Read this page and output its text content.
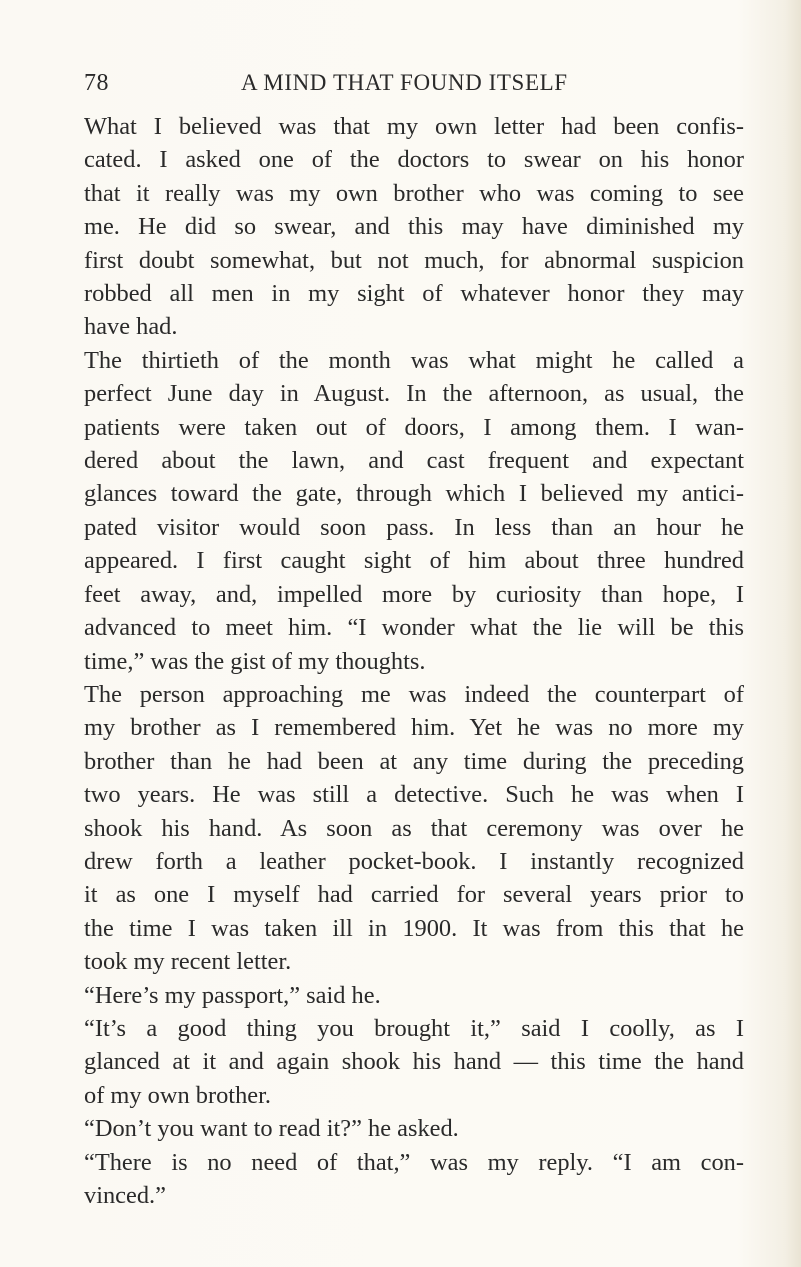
78	A MIND THAT FOUND ITSELF

What I believed was that my own letter had been confis-
cated. I asked one of the doctors to swear on his honor
that it really was my own brother who was coming to see
me. He did so swear, and this may have diminished my
first doubt somewhat, but not much, for abnormal suspicion
robbed all men in my sight of whatever honor they may
have had.

The thirtieth of the month was what might he called a
perfect June day in August. In the afternoon, as usual, the
patients were taken out of doors, I among them. I wan-
dered about the lawn, and cast frequent and expectant
glances toward the gate, through which I believed my antici-
pated visitor would soon pass. In less than an hour he
appeared. I first caught sight of him about three hundred
feet away, and, impelled more by curiosity than hope, I
advanced to meet him. “I wonder what the lie will be this
time,” was the gist of my thoughts.

The person approaching me was indeed the counterpart of
my brother as I remembered him. Yet he was no more my
brother than he had been at any time during the preceding
two years. He was still a detective. Such he was when I
shook his hand. As soon as that ceremony was over he
drew forth a leather pocket-book. I instantly recognized
it as one I myself had carried for several years prior to
the time I was taken ill in 1900. It was from this that he
took my recent letter.

“Here’s my passport,” said he.

“It’s a good thing you brought it,” said I coolly, as I
glanced at it and again shook his hand — this time the hand
of my own brother.

“Don’t you want to read it?” he asked.

“There is no need of that,” was my reply. “I am con-
vinced.”
